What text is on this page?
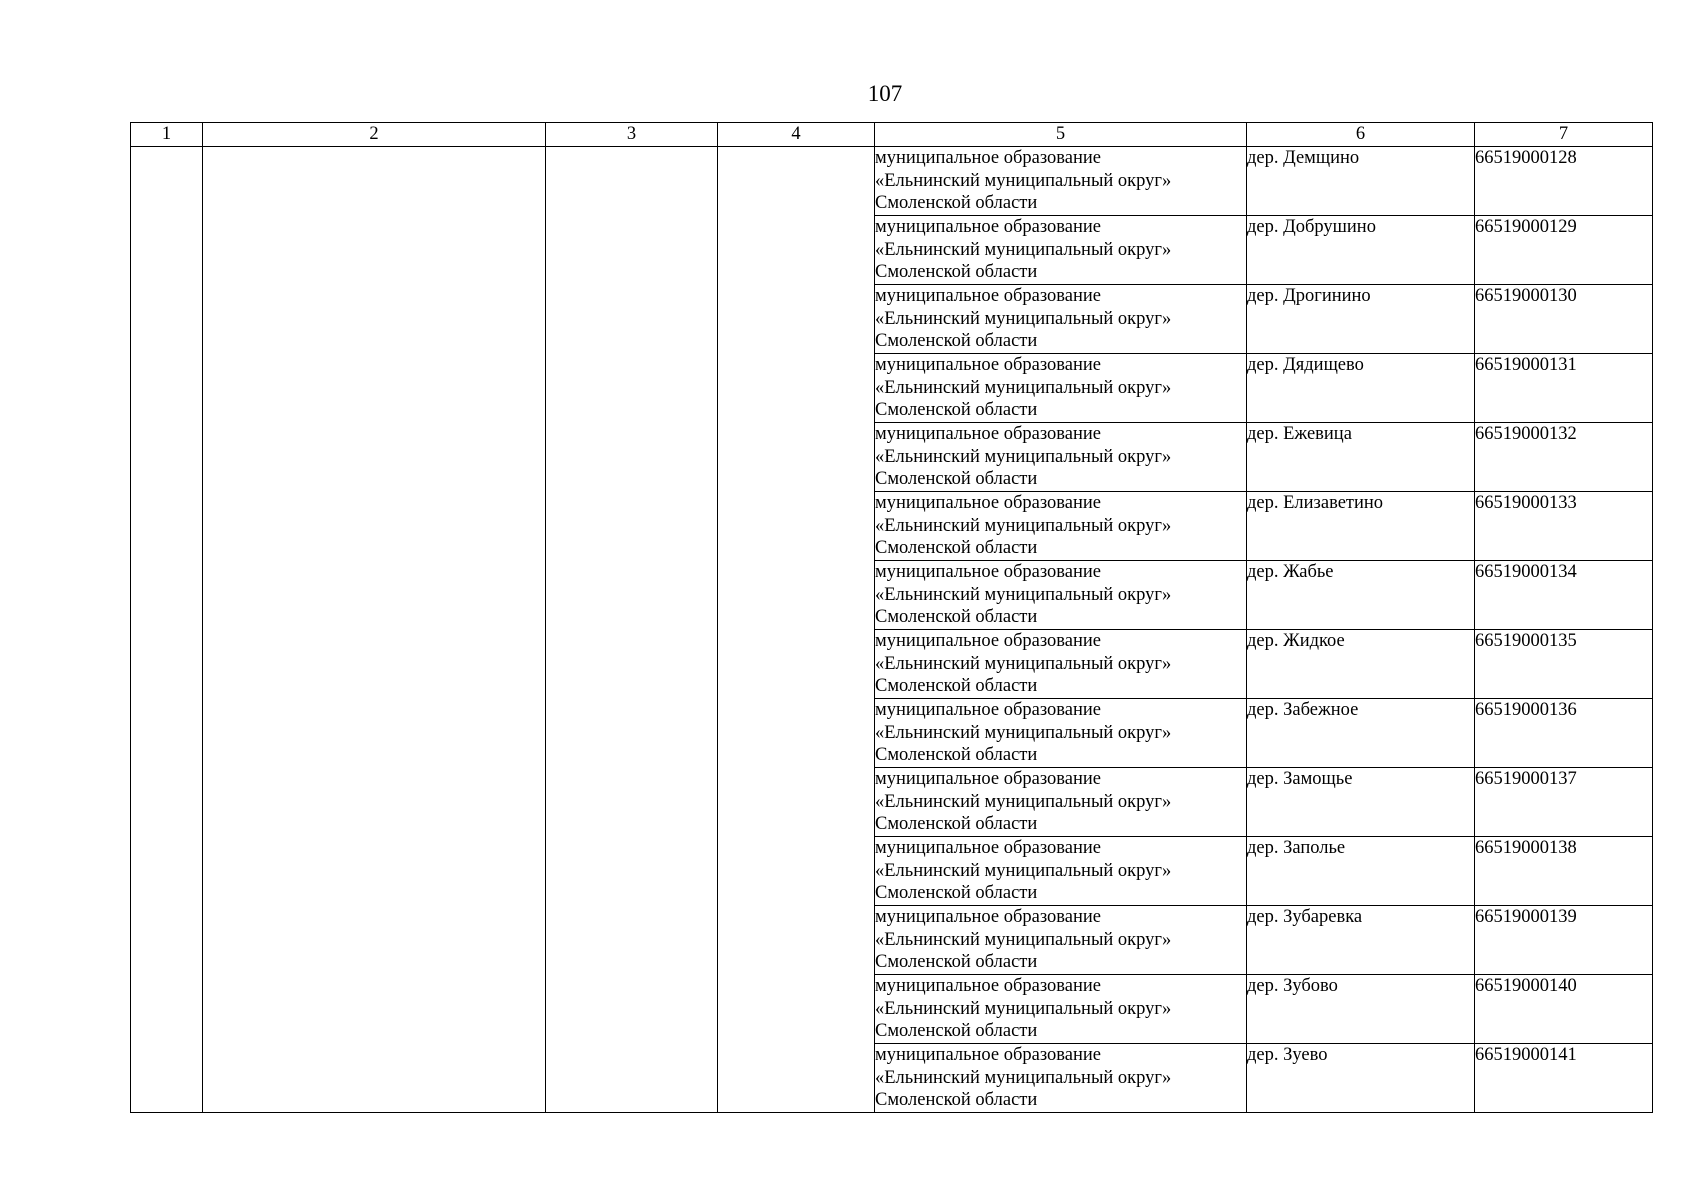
107
1	2	3	4	5	6	7

				муниципальное образование
«Ельнинский муниципальный округ»
Смоленской области	дер. Демщино	66519000128

				муниципальное образование
«Ельнинский муниципальный округ»
Смоленской области	дер. Добрушино	66519000129

				муниципальное образование
«Ельнинский муниципальный округ»
Смоленской области	дер. Дрогинино	66519000130

				муниципальное образование
«Ельнинский муниципальный округ»
Смоленской области	дер. Дядищево	66519000131

				муниципальное образование
«Ельнинский муниципальный округ»
Смоленской области	дер. Ежевица	66519000132

				муниципальное образование
«Ельнинский муниципальный округ»
Смоленской области	дер. Елизаветино	66519000133

				муниципальное образование
«Ельнинский муниципальный округ»
Смоленской области	дер. Жабье	66519000134

				муниципальное образование
«Ельнинский муниципальный округ»
Смоленской области	дер. Жидкое	66519000135

				муниципальное образование
«Ельнинский муниципальный округ»
Смоленской области	дер. Забежное	66519000136

				муниципальное образование
«Ельнинский муниципальный округ»
Смоленской области	дер. Замощье	66519000137

				муниципальное образование
«Ельнинский муниципальный округ»
Смоленской области	дер. Заполье	66519000138

				муниципальное образование
«Ельнинский муниципальный округ»
Смоленской области	дер. Зубаревка	66519000139

				муниципальное образование
«Ельнинский муниципальный округ»
Смоленской области	дер. Зубово	66519000140

				муниципальное образование
«Ельнинский муниципальный округ»
Смоленской области	дер. Зуево	66519000141
